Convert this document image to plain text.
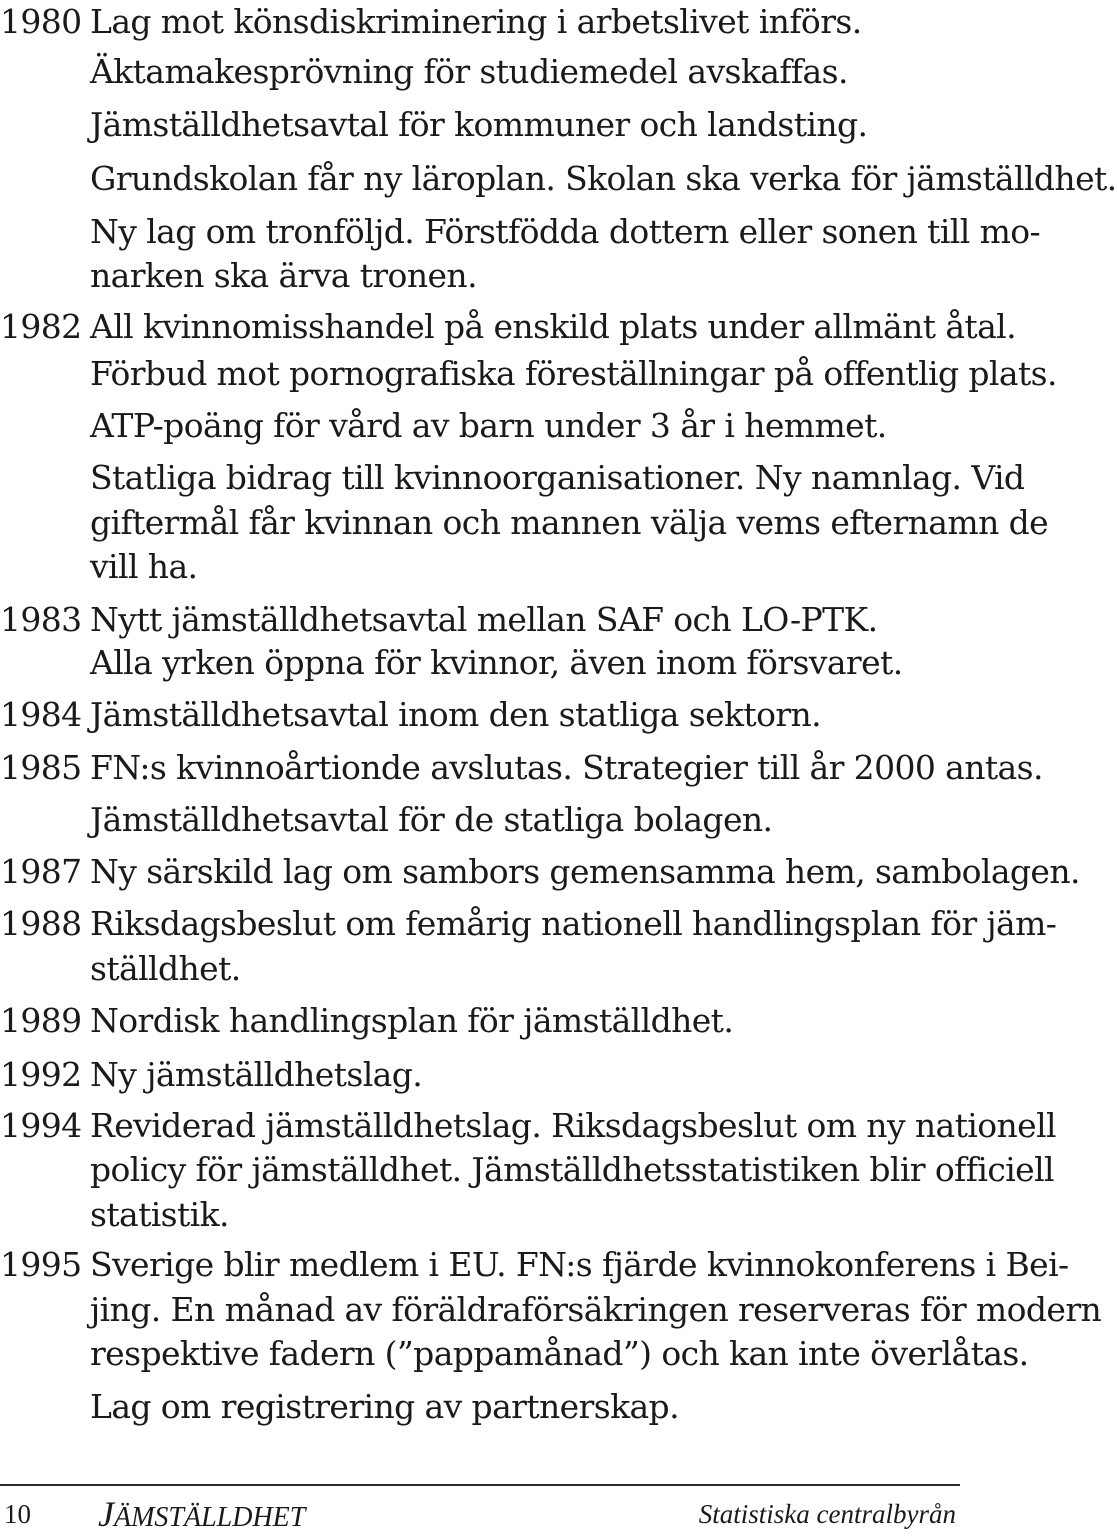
1980 Lag mot könsdiskriminering i arbetslivet införs.
Äktamakesprövning för studiemedel avskaffas.
Jämställdhetsavtal för kommuner och landsting.
Grundskolan får ny läroplan. Skolan ska verka för jämställdhet.
Ny lag om tronföljd. Förstfödda dottern eller sonen till mo-
narken ska ärva tronen.
1982 All kvinnomisshandel på enskild plats under allmänt åtal.
Förbud mot pornografiska föreställningar på offentlig plats.
ATP-poäng för vård av barn under 3 år i hemmet.
Statliga bidrag till kvinnoorganisationer. Ny namnlag. Vid
giftermål får kvinnan och mannen välja vems efternamn de
vill ha.
1983 Nytt jämställdhetsavtal mellan SAF och LO-PTK.
Alla yrken öppna för kvinnor, även inom försvaret.
1984 Jämställdhetsavtal inom den statliga sektorn.
1985 FN:s kvinnoårtionde avslutas. Strategier till år 2000 antas.
Jämställdhetsavtal för de statliga bolagen.
1987 Ny särskild lag om sambors gemensamma hem, sambolagen.
1988 Riksdagsbeslut om femårig nationell handlingsplan för jäm-
ställdhet.
1989 Nordisk handlingsplan för jämställdhet.
1992 Ny jämställdhetslag.
1994 Reviderad jämställdhetslag. Riksdagsbeslut om ny nationell
policy för jämställdhet. Jämställdhetsstatistiken blir officiell
statistik.
1995 Sverige blir medlem i EU. FN:s fjärde kvinnokonferens i Bei-
jing. En månad av föräldraförsäkringen reserveras för modern
respektive fadern (”pappamånad”) och kan inte överlåtas.
Lag om registrering av partnerskap.
10 JÄMSTÄLLDHET	Statistiska centralbyrån
